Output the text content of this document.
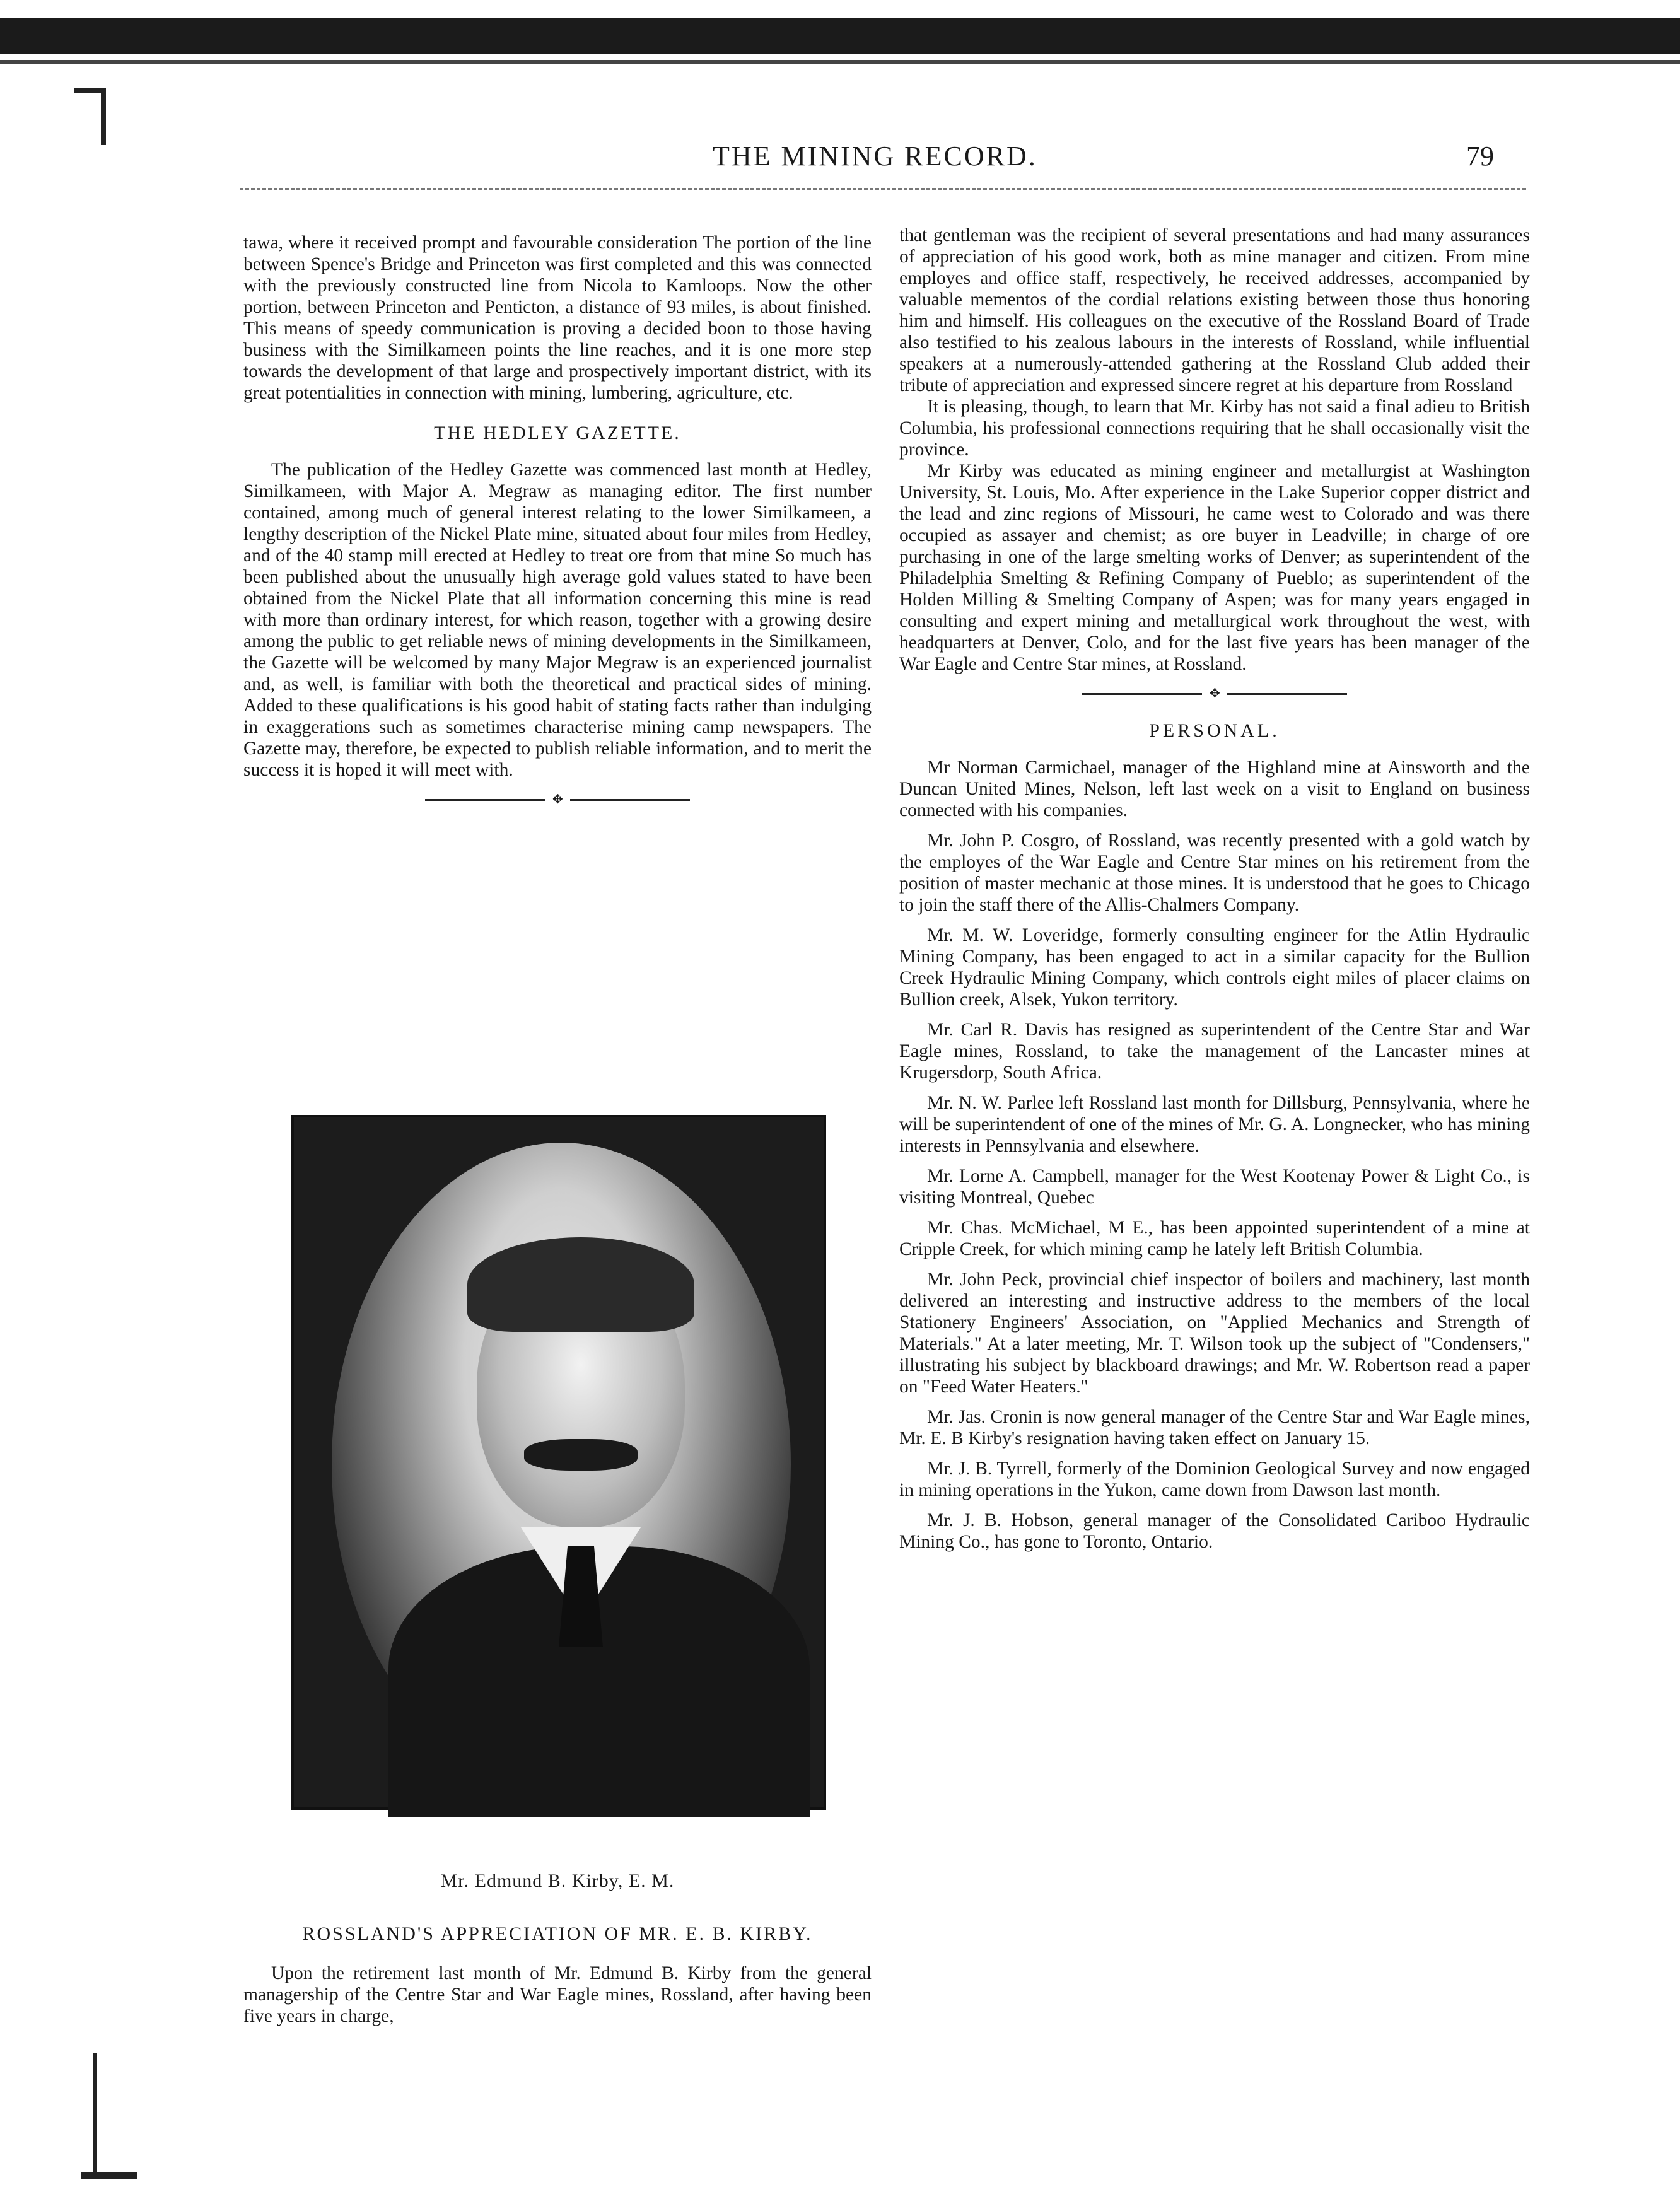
THE MINING RECORD.	79

tawa, where it received prompt and favourable consideration The portion of the line between Spence's Bridge and Princeton was first completed and this was connected with the previously constructed line from Nicola to Kamloops. Now the other portion, between Princeton and Penticton, a distance of 93 miles, is about finished. This means of speedy communication is proving a decided boon to those having business with the Similkameen points the line reaches, and it is one more step towards the development of that large and prospectively important district, with its great potentialities in connection with mining, lumbering, agriculture, etc.

THE HEDLEY GAZETTE.

The publication of the Hedley Gazette was commenced last month at Hedley, Similkameen, with Major A. Megraw as managing editor. The first number contained, among much of general interest relating to the lower Similkameen, a lengthy description of the Nickel Plate mine, situated about four miles from Hedley, and of the 40 stamp mill erected at Hedley to treat ore from that mine So much has been published about the unusually high average gold values stated to have been obtained from the Nickel Plate that all information concerning this mine is read with more than ordinary interest, for which reason, together with a growing desire among the public to get reliable news of mining developments in the Similkameen, the Gazette will be welcomed by many Major Megraw is an experienced journalist and, as well, is familiar with both the theoretical and practical sides of mining. Added to these qualifications is his good habit of stating facts rather than indulging in exaggerations such as sometimes characterise mining camp newspapers. The Gazette may, therefore, be expected to publish reliable information, and to merit the success it is hoped it will meet with.

✥
Mr. Edmund B. Kirby, E. M.
ROSSLAND'S APPRECIATION OF MR. E. B. KIRBY.

Upon the retirement last month of Mr. Edmund B. Kirby from the general managership of the Centre Star and War Eagle mines, Rossland, after having been five years in charge,

that gentleman was the recipient of several presentations and had many assurances of appreciation of his good work, both as mine manager and citizen. From mine employes and office staff, respectively, he received addresses, accompanied by valuable mementos of the cordial relations existing between those thus honoring him and himself. His colleagues on the executive of the Rossland Board of Trade also testified to his zealous labours in the interests of Rossland, while influential speakers at a numerously-attended gathering at the Rossland Club added their tribute of appreciation and expressed sincere regret at his departure from Rossland

It is pleasing, though, to learn that Mr. Kirby has not said a final adieu to British Columbia, his professional connections requiring that he shall occasionally visit the province.

Mr Kirby was educated as mining engineer and metallurgist at Washington University, St. Louis, Mo. After experience in the Lake Superior copper district and the lead and zinc regions of Missouri, he came west to Colorado and was there occupied as assayer and chemist; as ore buyer in Leadville; in charge of ore purchasing in one of the large smelting works of Denver; as superintendent of the Philadelphia Smelting & Refining Company of Pueblo; as superintendent of the Holden Milling & Smelting Company of Aspen; was for many years engaged in consulting and expert mining and metallurgical work throughout the west, with headquarters at Denver, Colo, and for the last five years has been manager of the War Eagle and Centre Star mines, at Rossland.

✥
PERSONAL.

Mr Norman Carmichael, manager of the Highland mine at Ainsworth and the Duncan United Mines, Nelson, left last week on a visit to England on business connected with his companies.

Mr. John P. Cosgro, of Rossland, was recently presented with a gold watch by the employes of the War Eagle and Centre Star mines on his retirement from the position of master mechanic at those mines. It is understood that he goes to Chicago to join the staff there of the Allis-Chalmers Company.

Mr. M. W. Loveridge, formerly consulting engineer for the Atlin Hydraulic Mining Company, has been engaged to act in a similar capacity for the Bullion Creek Hydraulic Mining Company, which controls eight miles of placer claims on Bullion creek, Alsek, Yukon territory.

Mr. Carl R. Davis has resigned as superintendent of the Centre Star and War Eagle mines, Rossland, to take the management of the Lancaster mines at Krugersdorp, South Africa.

Mr. N. W. Parlee left Rossland last month for Dillsburg, Pennsylvania, where he will be superintendent of one of the mines of Mr. G. A. Longnecker, who has mining interests in Pennsylvania and elsewhere.

Mr. Lorne A. Campbell, manager for the West Kootenay Power & Light Co., is visiting Montreal, Quebec

Mr. Chas. McMichael, M E., has been appointed superintendent of a mine at Cripple Creek, for which mining camp he lately left British Columbia.

Mr. John Peck, provincial chief inspector of boilers and machinery, last month delivered an interesting and instructive address to the members of the local Stationery Engineers' Association, on "Applied Mechanics and Strength of Materials." At a later meeting, Mr. T. Wilson took up the subject of "Condensers," illustrating his subject by blackboard drawings; and Mr. W. Robertson read a paper on "Feed Water Heaters."

Mr. Jas. Cronin is now general manager of the Centre Star and War Eagle mines, Mr. E. B Kirby's resignation having taken effect on January 15.

Mr. J. B. Tyrrell, formerly of the Dominion Geological Survey and now engaged in mining operations in the Yukon, came down from Dawson last month.

Mr. J. B. Hobson, general manager of the Consolidated Cariboo Hydraulic Mining Co., has gone to Toronto, Ontario.
